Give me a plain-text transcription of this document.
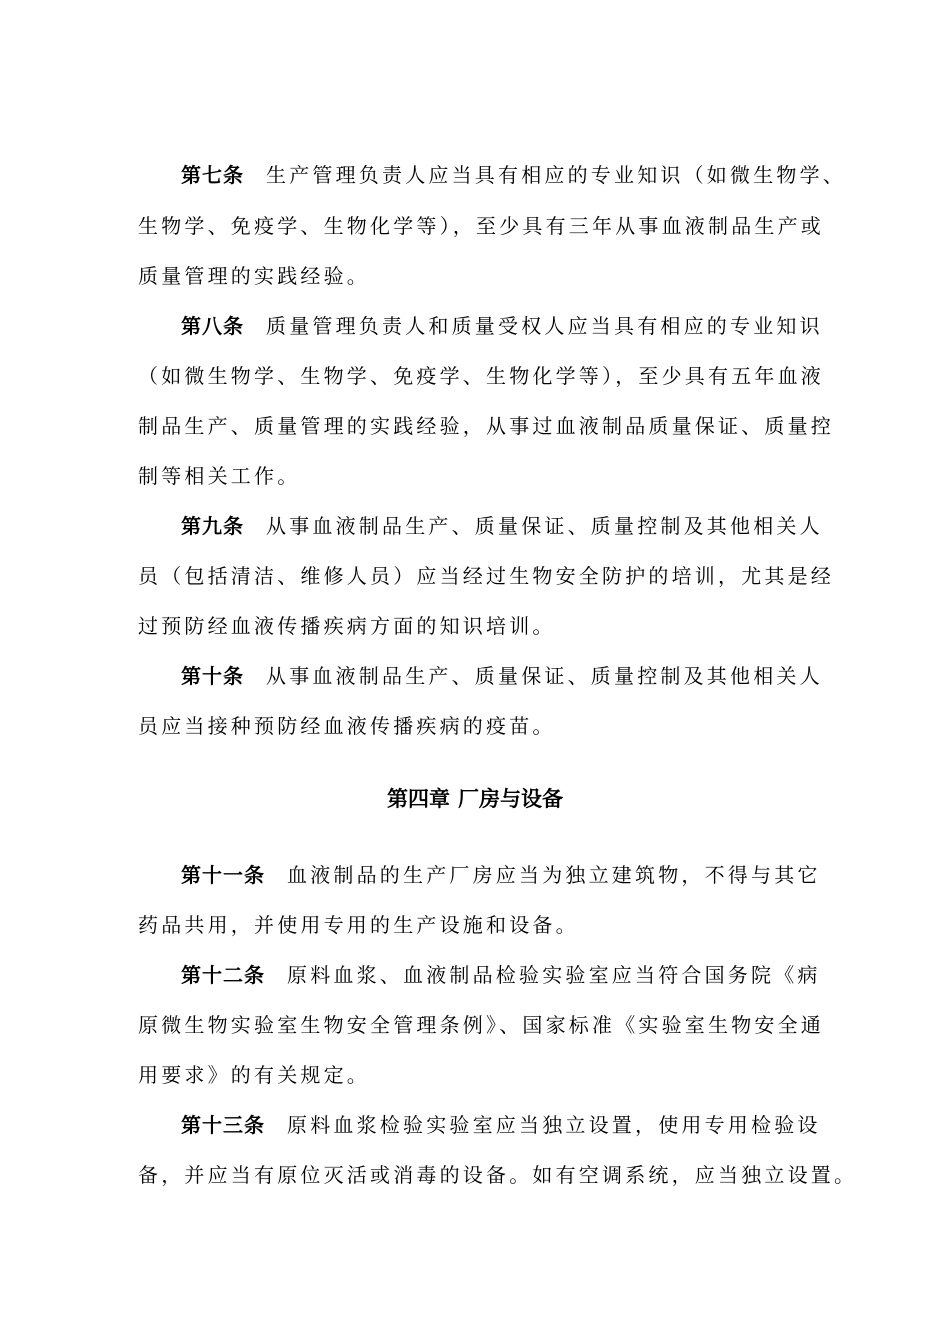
第七条 生产管理负责人应当具有相应的专业知识（如微生物学、
生物学、免疫学、生物化学等），至少具有三年从事血液制品生产或
质量管理的实践经验。
第八条 质量管理负责人和质量受权人应当具有相应的专业知识
（如微生物学、生物学、免疫学、生物化学等），至少具有五年血液
制品生产、质量管理的实践经验，从事过血液制品质量保证、质量控
制等相关工作。
第九条 从事血液制品生产、质量保证、质量控制及其他相关人
员（包括清洁、维修人员）应当经过生物安全防护的培训，尤其是经
过预防经血液传播疾病方面的知识培训。
第十条 从事血液制品生产、质量保证、质量控制及其他相关人
员应当接种预防经血液传播疾病的疫苗。
第四章 厂房与设备
第十一条 血液制品的生产厂房应当为独立建筑物，不得与其它
药品共用，并使用专用的生产设施和设备。
第十二条 原料血浆、血液制品检验实验室应当符合国务院《病
原微生物实验室生物安全管理条例》、国家标准《实验室生物安全通
用要求》的有关规定。
第十三条 原料血浆检验实验室应当独立设置，使用专用检验设
备，并应当有原位灭活或消毒的设备。如有空调系统，应当独立设置。
